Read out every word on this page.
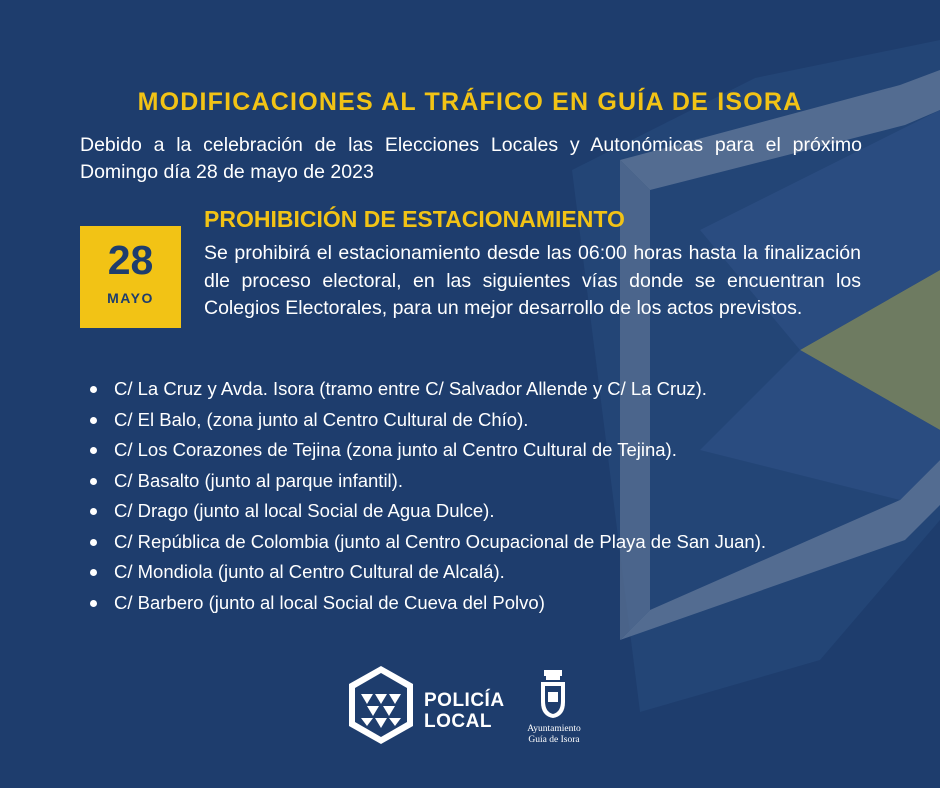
MODIFICACIONES AL TRÁFICO EN GUÍA DE ISORA

Debido a la celebración de las Elecciones Locales y Autonómicas para el próximo Domingo día 28 de mayo de 2023

28
MAYO
PROHIBICIÓN DE ESTACIONAMIENTO

Se prohibirá el estacionamiento desde las 06:00 horas hasta la finalización dle proceso electoral, en las siguientes vías donde se encuentran los Colegios Electorales, para un mejor desarrollo de los actos previstos.

C/ La Cruz y Avda. Isora (tramo entre C/ Salvador Allende y C/ La Cruz).
C/ El Balo, (zona junto al Centro Cultural de Chío).
C/ Los Corazones de Tejina (zona junto al Centro Cultural de Tejina).
C/ Basalto (junto al parque infantil).
C/ Drago (junto al local Social de Agua Dulce).
C/ República de Colombia (junto al Centro Ocupacional de Playa de San Juan).
C/ Mondiola (junto al Centro Cultural de Alcalá).
C/ Barbero (junto al local Social de Cueva del Polvo)
POLICÍA
LOCAL	Ayuntamiento
Guía de Isora
